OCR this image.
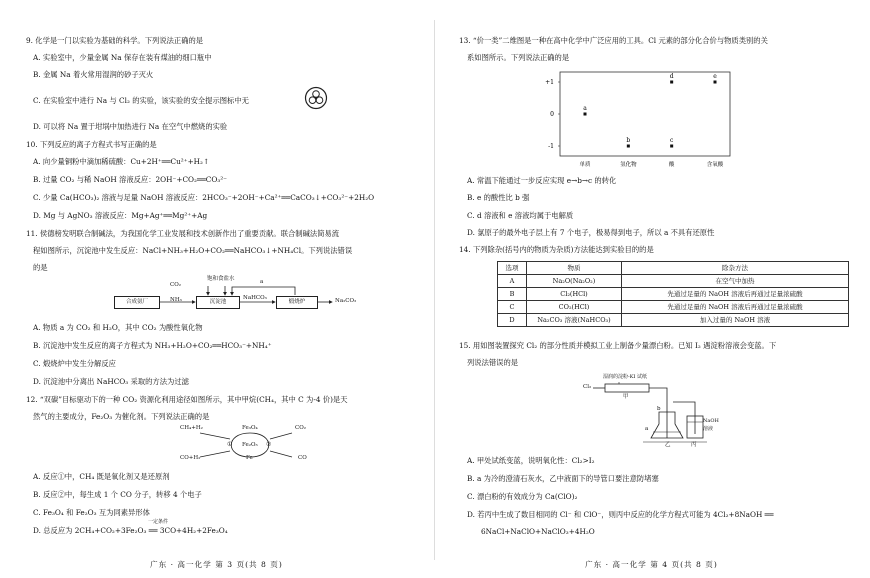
9. 化学是一门以实验为基础的科学。下列说法正确的是
A. 实验室中，少量金属 Na 保存在装有煤油的细口瓶中
B. 金属 Na 着火常用湿润的砂子灭火
C. 在实验室中进行 Na 与 Cl₂ 的实验，该实验的安全提示图标中无
D. 可以将 Na 置于坩埚中加热进行 Na 在空气中燃烧的实验
10. 下列反应的离子方程式书写正确的是
A. 向少量铜粉中滴加稀硫酸：Cu+2H⁺══Cu²⁺+H₂↑
B. 过量 CO₂ 与稀 NaOH 溶液反应：2OH⁻+CO₂══CO₃²⁻
C. 少量 Ca(HCO₃)₂ 溶液与足量 NaOH 溶液反应：2HCO₃⁻+2OH⁻+Ca²⁺══CaCO₃↓+CO₃²⁻+2H₂O
D. Mg 与 AgNO₃ 溶液反应：Mg+Ag⁺══Mg²⁺+Ag
11. 侯德榜发明联合制碱法，为我国化学工业发展和技术创新作出了重要贡献。联合制碱法简易流
程如图所示，沉淀池中发生反应：NaCl+NH₃+H₂O+CO₂══NaHCO₃↓+NH₄Cl。下列说法错误
的是
合成氨厂	沉淀池	煅烧炉
饱和食盐水	a
CO₂
NH₃	NaHCO₃	Na₂CO₃
A. 物质 a 为 CO₂ 和 H₂O，其中 CO₂ 为酸性氧化物
B. 沉淀池中发生反应的离子方程式为 NH₃+H₂O+CO₂══HCO₃⁻+NH₄⁺
C. 煅烧炉中发生分解反应
D. 沉淀池中分离出 NaHCO₃ 采取的方法为过滤
12. “双碳”目标驱动下的一种 CO₂ 资源化利用途径如图所示，其中甲烷(CH₄，其中 C 为-4 价)是天
然气的主要成分，Fe₂O₃ 为催化剂。下列说法正确的是
CH₄+H₂	CO₂
Fe₃O₄
Fe₂O₃
Fe
CO+H₂	CO
①	②
A. 反应①中，CH₄ 既是氧化剂又是还原剂
B. 反应②中，每生成 1 个 CO 分子，转移 4 个电子
C. Fe₃O₄ 和 Fe₂O₃ 互为同素异形体
一定条件
D. 总反应为 2CH₄+CO₂+3Fe₂O₃ ══ 3CO+4H₂+2Fe₃O₄
广东 · 高一化学 第 3 页(共 8 页)
13. “价一类”二维图是一种在高中化学中广泛应用的工具。Cl 元素的部分化合价与物质类别的关
系如图所示。下列说法正确的是
+1
0
-1
单质	氢化物	酸	含氧酸
a
b	c
d	e
A. 常温下能通过一步反应实现 e→b→c 的转化
B. e 的酸性比 b 强
C. d 溶液和 e 溶液均属于电解质
D. 氯原子的最外电子层上有 7 个电子，极易得到电子，所以 a 不具有还原性
14. 下列除杂(括号内的物质为杂质)方法能达到实验目的的是
选项	物质	除杂方法
A	Na₂O(Na₂O₂)	在空气中加热
B	Cl₂(HCl)	先通过足量的 NaOH 溶液后再通过足量浓硫酸
C	CO₂(HCl)	先通过足量的 NaOH 溶液后再通过足量浓硫酸
D	Na₂CO₃ 溶液(NaHCO₃)	加入过量的 NaOH 溶液
15. 用如图装置探究 Cl₂ 的部分性质并模拟工业上制备少量漂白粉。已知 I₂ 遇淀粉溶液会变蓝。下
列说法错误的是
湿润的淀粉-KI 试纸
Cl₂
甲
b
a
乙	丙
NaOH
溶液
A. 甲处试纸变蓝，说明氧化性：Cl₂>I₂
B. a 为冷的澄清石灰水，乙中液面下的导管口要注意防堵塞
C. 漂白粉的有效成分为 Ca(ClO)₂
D. 若丙中生成了数目相同的 Cl⁻ 和 ClO⁻，则丙中反应的化学方程式可能为 4Cl₂+8NaOH ══
6NaCl+NaClO+NaClO₃+4H₂O
广东 · 高一化学 第 4 页(共 8 页)
